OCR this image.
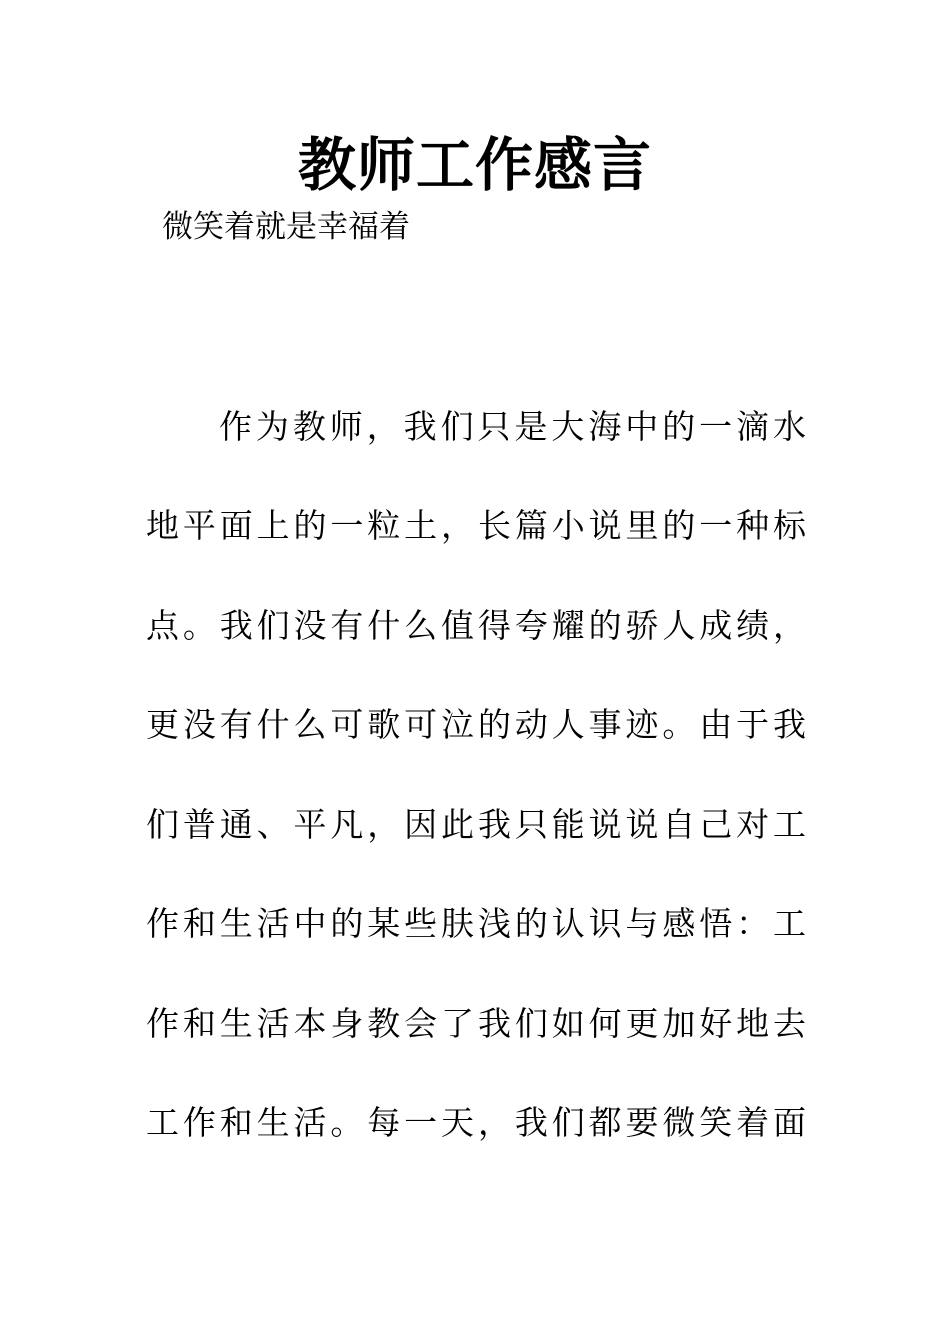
教师工作感言
微笑着就是幸福着
作为教师，我们只是大海中的一滴水
地平面上的一粒土，长篇小说里的一种标
点。我们没有什么值得夸耀的骄人成绩，
更没有什么可歌可泣的动人事迹。由于我
们普通、平凡，因此我只能说说自己对工
作和生活中的某些肤浅的认识与感悟：工
作和生活本身教会了我们如何更加好地去
工作和生活。每一天，我们都要微笑着面
